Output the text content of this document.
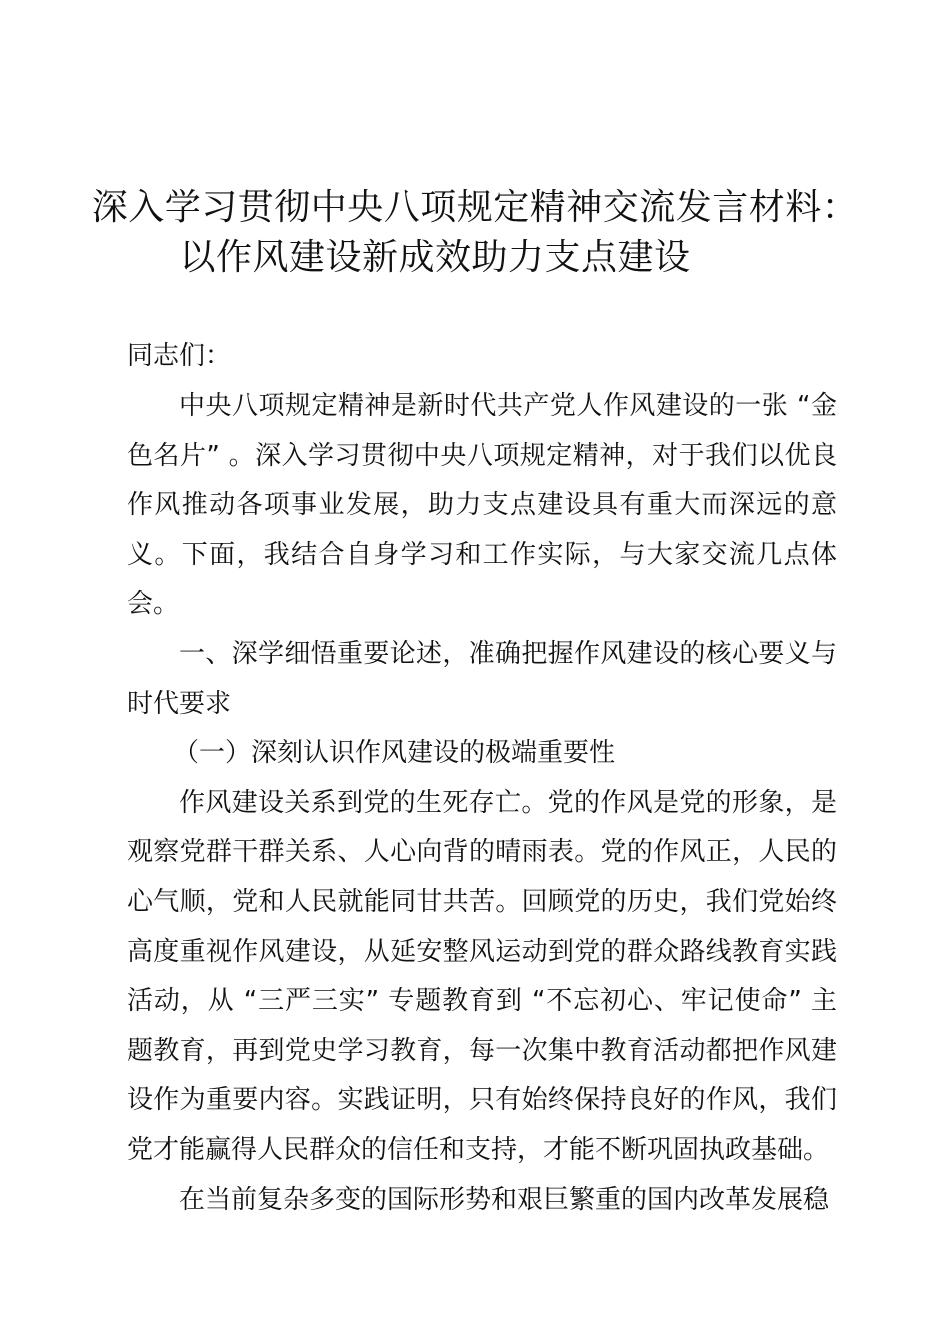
深入学习贯彻中央八项规定精神交流发言材料：
以作风建设新成效助力支点建设
同志们：

中央八项规定精神是新时代共产党人作风建设的一张 “金色名片” 。深入学习贯彻中央八项规定精神，对于我们以优良作风推动各项事业发展，助力支点建设具有重大而深远的意义。下面，我结合自身学习和工作实际，与大家交流几点体会。

一、深学细悟重要论述，准确把握作风建设的核心要义与时代要求

（一）深刻认识作风建设的极端重要性

作风建设关系到党的生死存亡。党的作风是党的形象，是观察党群干群关系、人心向背的晴雨表。党的作风正，人民的心气顺，党和人民就能同甘共苦。回顾党的历史，我们党始终高度重视作风建设，从延安整风运动到党的群众路线教育实践活动，从 “三严三实” 专题教育到 “不忘初心、牢记使命” 主题教育，再到党史学习教育，每一次集中教育活动都把作风建设作为重要内容。实践证明，只有始终保持良好的作风，我们党才能赢得人民群众的信任和支持，才能不断巩固执政基础。

在当前复杂多变的国际形势和艰巨繁重的国内改革发展稳
